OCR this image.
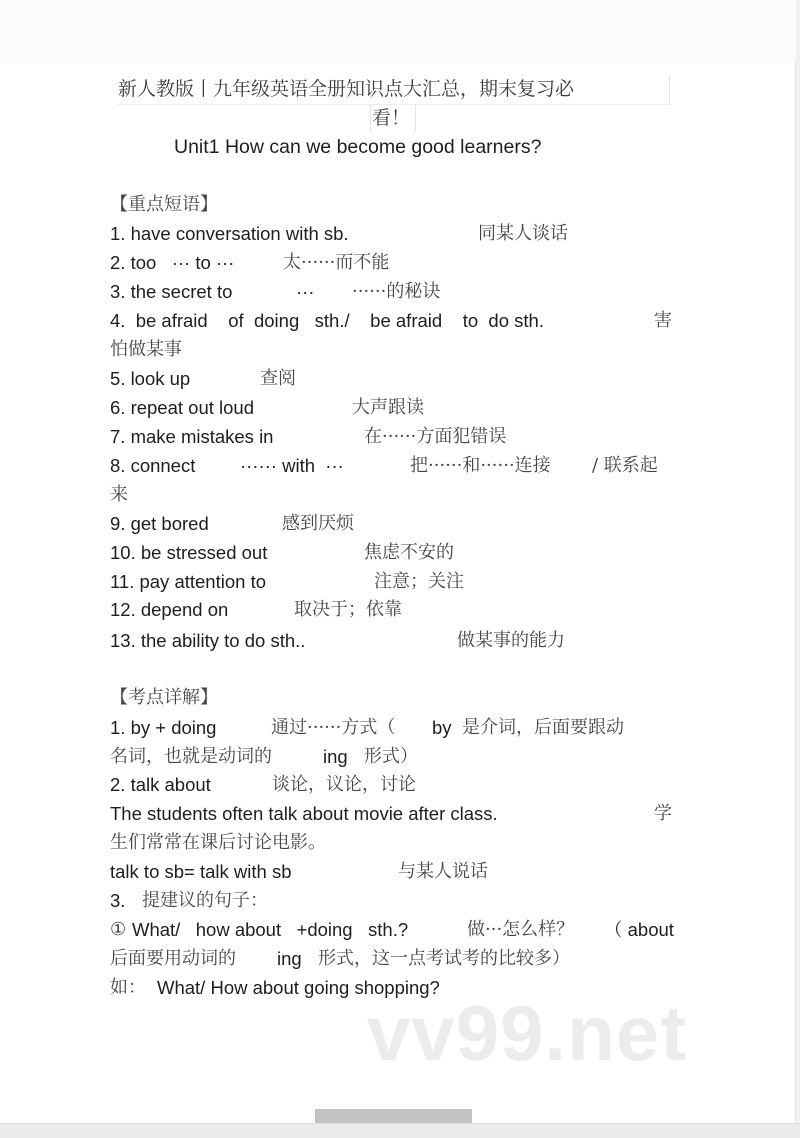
新人教版丨九年级英语全册知识点大汇总，期末复习必
看！
Unit1 How can we become good learners?
【重点短语】
1. have conversation with sb.	同某人谈话
2. too   ··· to ···	太······而不能
3. the secret to	··· ······的秘诀
4.  be afraid    of  doing   sth./    be afraid    to  do sth.	害
怕做某事
5. look up	查阅
6. repeat out loud	大声跟读
7. make mistakes in	在······方面犯错误
8. connect ······ with  ···	把······和······连接 / 联系起
来
9. get bored	感到厌烦
10. be stressed out	焦虑不安的
11. pay attention to	注意；关注
12. depend on	取决于；依靠
13. the ability to do sth..	做某事的能力
【考点详解】
1. by + doing	通过······方式（ by 是介词，后面要跟动
名词，也就是动词的	ing 形式）
2. talk about	谈论，议论，讨论
The students often talk about movie after class.	学
生们常常在课后讨论电影。
talk to sb= talk with sb	与某人说话
3. 提建议的句子：
① What/   how about   +doing   sth.?	做···怎么样？ （ about
后面要用动词的 ing 形式，这一点考试考的比较多）
如： What/ How about going shopping?
vv99.net
